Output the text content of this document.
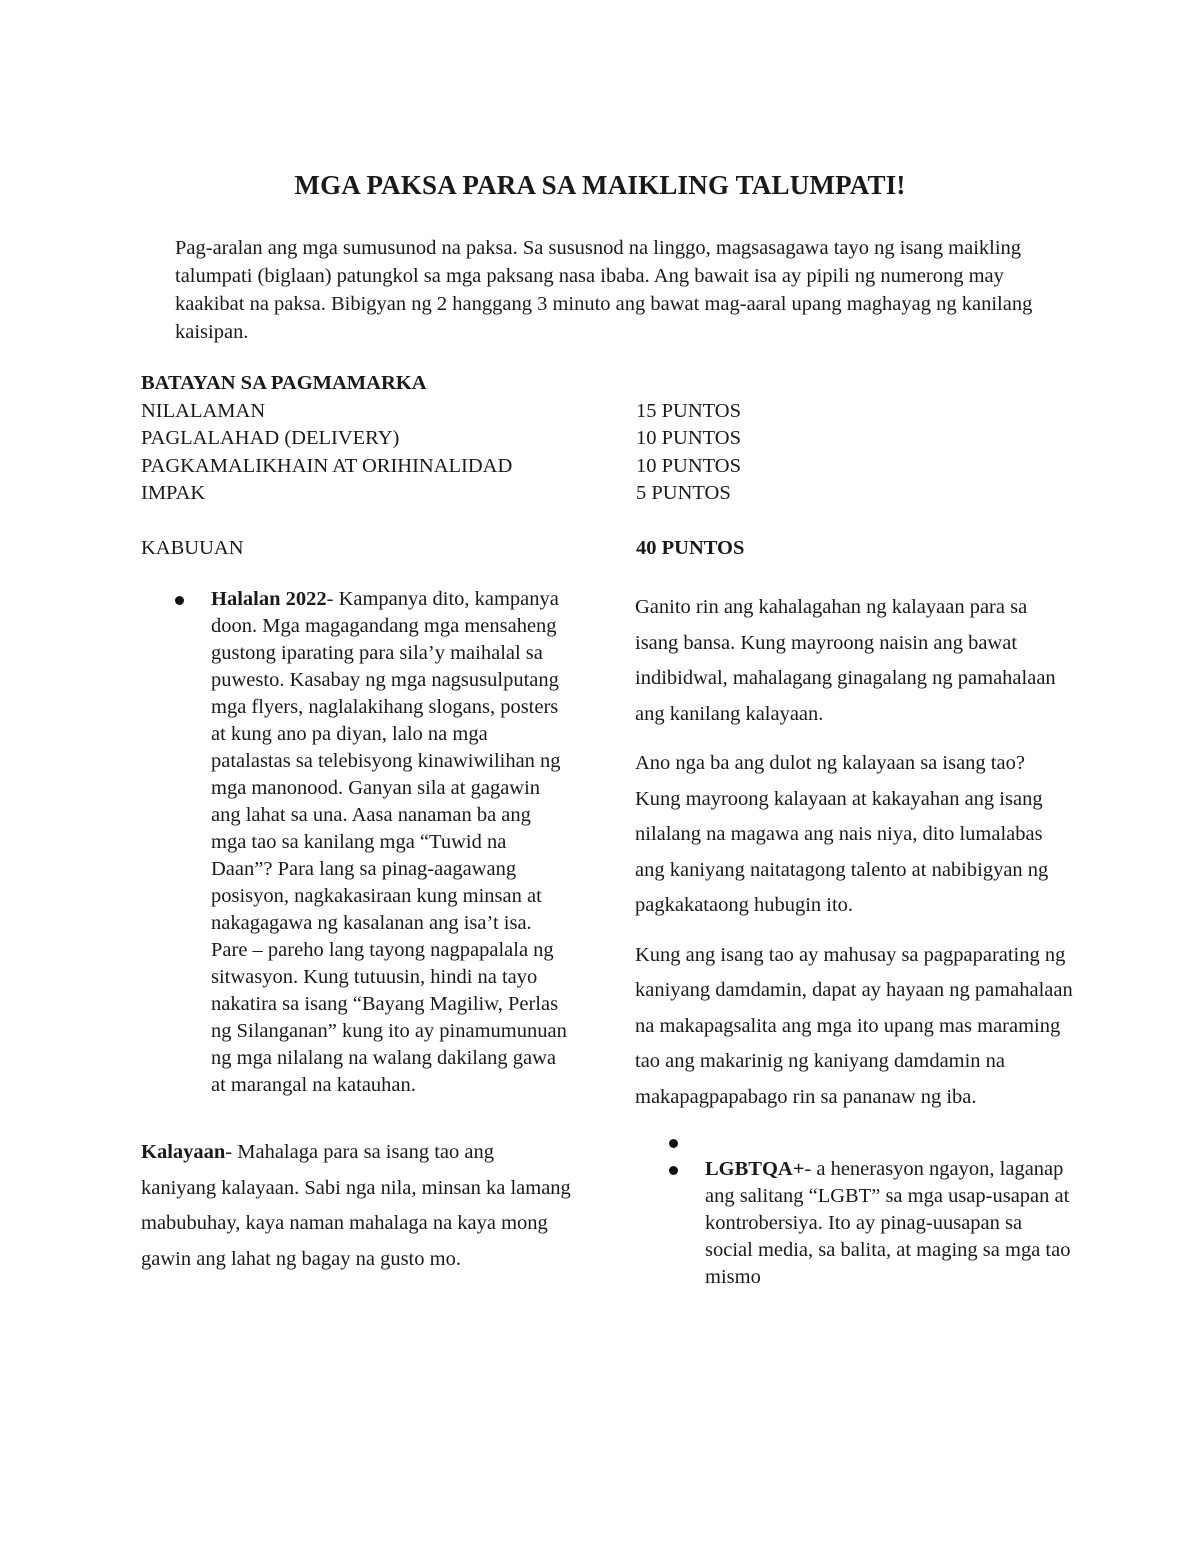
MGA PAKSA PARA SA MAIKLING TALUMPATI!

Pag-aralan ang mga sumusunod na paksa. Sa sususnod na linggo, magsasagawa tayo ng isang maikling talumpati (biglaan) patungkol sa mga paksang nasa ibaba. Ang bawait isa ay pipili ng numerong may kaakibat na paksa. Bibigyan ng 2 hanggang 3 minuto ang bawat mag-aaral upang maghayag ng kanilang kaisipan.

BATAYAN SA PAGMAMARKA
NILALAMAN	15 PUNTOS
PAGLALAHAD (DELIVERY)	10 PUNTOS
PAGKAMALIKHAIN AT ORIHINALIDAD	10 PUNTOS
IMPAK	5 PUNTOS
KABUUAN	40 PUNTOS
Halalan 2022- Kampanya dito, kampanya doon. Mga magagandang mga mensaheng gustong iparating para sila’y maihalal sa puwesto. Kasabay ng mga nagsusulputang mga flyers, naglalakihang slogans, posters at kung ano pa diyan, lalo na mga patalastas sa telebisyong kinawiwilihan ng mga manonood. Ganyan sila at gagawin ang lahat sa una. Aasa nanaman ba ang mga tao sa kanilang mga “Tuwid na Daan”? Para lang sa pinag-aagawang posisyon, nagkakasiraan kung minsan at nakagagawa ng kasalanan ang isa’t isa. Pare – pareho lang tayong nagpapalala ng sitwasyon. Kung tutuusin, hindi na tayo nakatira sa isang “Bayang Magiliw, Perlas ng Silanganan” kung ito ay pinamumunuan ng mga nilalang na walang dakilang gawa at marangal na katauhan.

Kalayaan- Mahalaga para sa isang tao ang kaniyang kalayaan. Sabi nga nila, minsan ka lamang mabubuhay, kaya naman mahalaga na kaya mong gawin ang lahat ng bagay na gusto mo.

Ganito rin ang kahalagahan ng kalayaan para sa isang bansa. Kung mayroong naisin ang bawat indibidwal, mahalagang ginagalang ng pamahalaan ang kanilang kalayaan.

Ano nga ba ang dulot ng kalayaan sa isang tao? Kung mayroong kalayaan at kakayahan ang isang nilalang na magawa ang nais niya, dito lumalabas ang kaniyang naitatagong talento at nabibigyan ng pagkakataong hubugin ito.

Kung ang isang tao ay mahusay sa pagpaparating ng kaniyang damdamin, dapat ay hayaan ng pamahalaan na makapagsalita ang mga ito upang mas maraming tao ang makarinig ng kaniyang damdamin na makapagpapabago rin sa pananaw ng iba.

LGBTQA+- a henerasyon ngayon, laganap ang salitang “LGBT” sa mga usap-usapan at kontrobersiya. Ito ay pinag-uusapan sa social media, sa balita, at maging sa mga tao mismo
